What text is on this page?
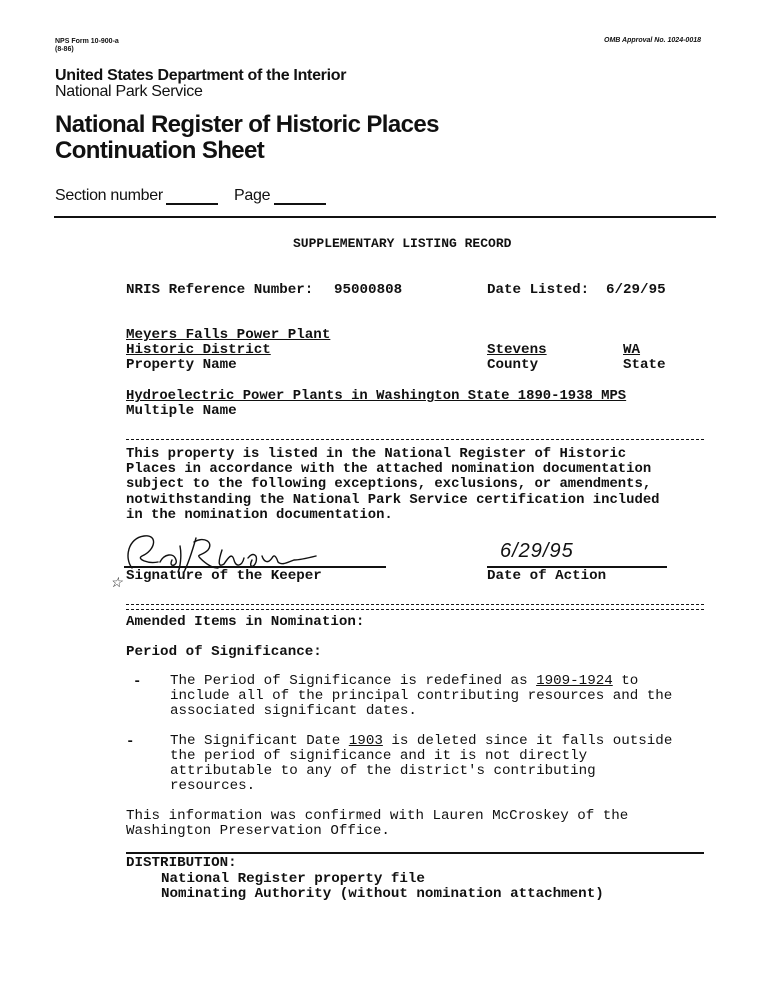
NPS Form 10-900-a
(8-86)
OMB Approval No. 1024-0018
United States Department of the Interior
National Park Service
National Register of Historic Places
Continuation Sheet
Section number	Page
SUPPLEMENTARY LISTING RECORD
NRIS Reference Number: 95000808	Date Listed: 6/29/95
Meyers Falls Power Plant
Historic District	Stevens	WA
Property Name	County	State
Hydroelectric Power Plants in Washington State 1890-1938 MPS
Multiple Name
This property is listed in the National Register of Historic
Places in accordance with the attached nomination documentation
subject to the following exceptions, exclusions, or amendments,
notwithstanding the National Park Service certification included
in the nomination documentation.
☆ Signature of the Keeper
6/29/95
Date of Action
Amended Items in Nomination:
Period of Significance:
- The Period of Significance is redefined as 1909-1924 to
include all of the principal contributing resources and the
associated significant dates.
-	The Significant Date 1903 is deleted since it falls outside
the period of significance and it is not directly
attributable to any of the district's contributing
resources.
This information was confirmed with Lauren McCroskey of the
Washington Preservation Office.
DISTRIBUTION:
National Register property file
Nominating Authority (without nomination attachment)
